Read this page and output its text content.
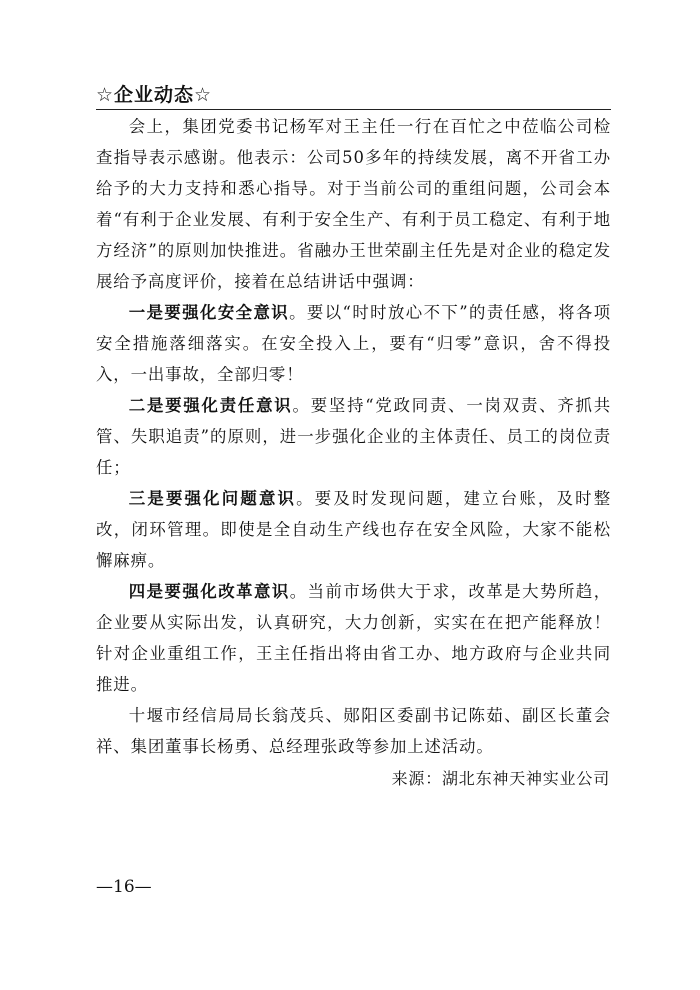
☆企业动态☆

会上，集团党委书记杨军对王主任一行在百忙之中莅临公司检查指导表示感谢。他表示：公司50多年的持续发展，离不开省工办给予的大力支持和悉心指导。对于当前公司的重组问题，公司会本着“有利于企业发展、有利于安全生产、有利于员工稳定、有利于地方经济”的原则加快推进。省融办王世荣副主任先是对企业的稳定发展给予高度评价，接着在总结讲话中强调：

一是要强化安全意识。要以“时时放心不下”的责任感，将各项安全措施落细落实。在安全投入上，要有“归零”意识，舍不得投入，一出事故，全部归零！

二是要强化责任意识。要坚持“党政同责、一岗双责、齐抓共管、失职追责”的原则，进一步强化企业的主体责任、员工的岗位责任；

三是要强化问题意识。要及时发现问题，建立台账，及时整改，闭环管理。即使是全自动生产线也存在安全风险，大家不能松懈麻痹。

四是要强化改革意识。当前市场供大于求，改革是大势所趋，企业要从实际出发，认真研究，大力创新，实实在在把产能释放！针对企业重组工作，王主任指出将由省工办、地方政府与企业共同推进。

十堰市经信局局长翁茂兵、郧阳区委副书记陈茹、副区长董会祥、集团董事长杨勇、总经理张政等参加上述活动。

来源：湖北东神天神实业公司
—16—
